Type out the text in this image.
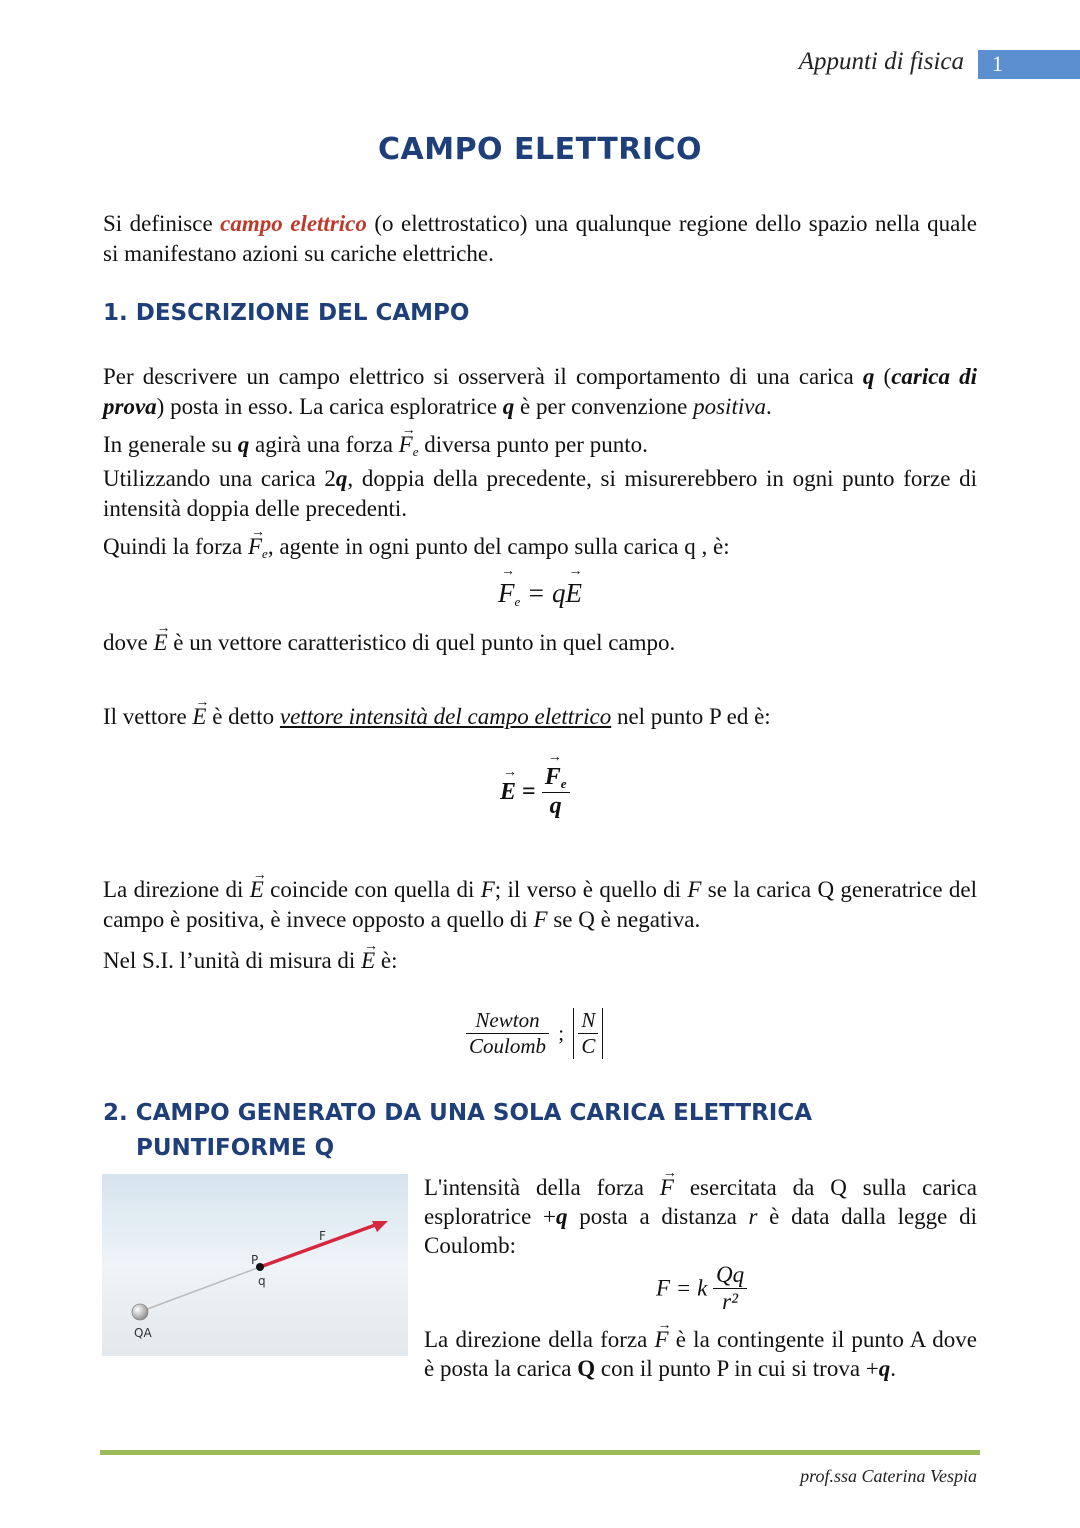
Appunti di fisica 1
CAMPO ELETTRICO
Si definisce campo elettrico (o elettrostatico) una qualunque regione dello spazio nella quale si manifestano azioni su cariche elettriche.
1. DESCRIZIONE DEL CAMPO
Per descrivere un campo elettrico si osserverà il comportamento di una carica q (carica di prova) posta in esso. La carica esploratrice q è per convenzione positiva.
In generale su q agirà una forza → $F_e$ diversa punto per punto.
Utilizzando una carica 2q, doppia della precedente, si misurerebbero in ogni punto forze di intensità doppia delle precedenti.
Quindi la forza → $F_e$, agente in ogni punto del campo sulla carica q , è:
→ $F_e = q\to E$
dove → E è un vettore caratteristico di quel punto in quel campo.
Il vettore → E è detto vettore intensità del campo elettrico nel punto P ed è:
→ E =
→ $\frac{F_e}{q}$
La direzione di → E coincide con quella di F; il verso è quello di F se la carica Q generatrice del campo è positiva, è invece opposto a quello di F se Q è negativa.
Nel S.I. l’unità di misura di → E è:
$\frac{\text{Newton}}{\text{Coulomb}}$ ; $\frac{N}{C}$
2. CAMPO GENERATO DA UNA SOLA CARICA ELETTRICA
PUNTIFORME Q
QA
P
q
F
L'intensità della forza → F esercitata da Q sulla carica esploratrice +q posta a distanza r è data dalla legge di Coulomb:
F = k $\frac{Qq}{\text{r²}}$
La direzione della forza → F è la contingente il punto A dove è posta la carica Q con il punto P in cui si trova +q.
prof.ssa Caterina Vespia
